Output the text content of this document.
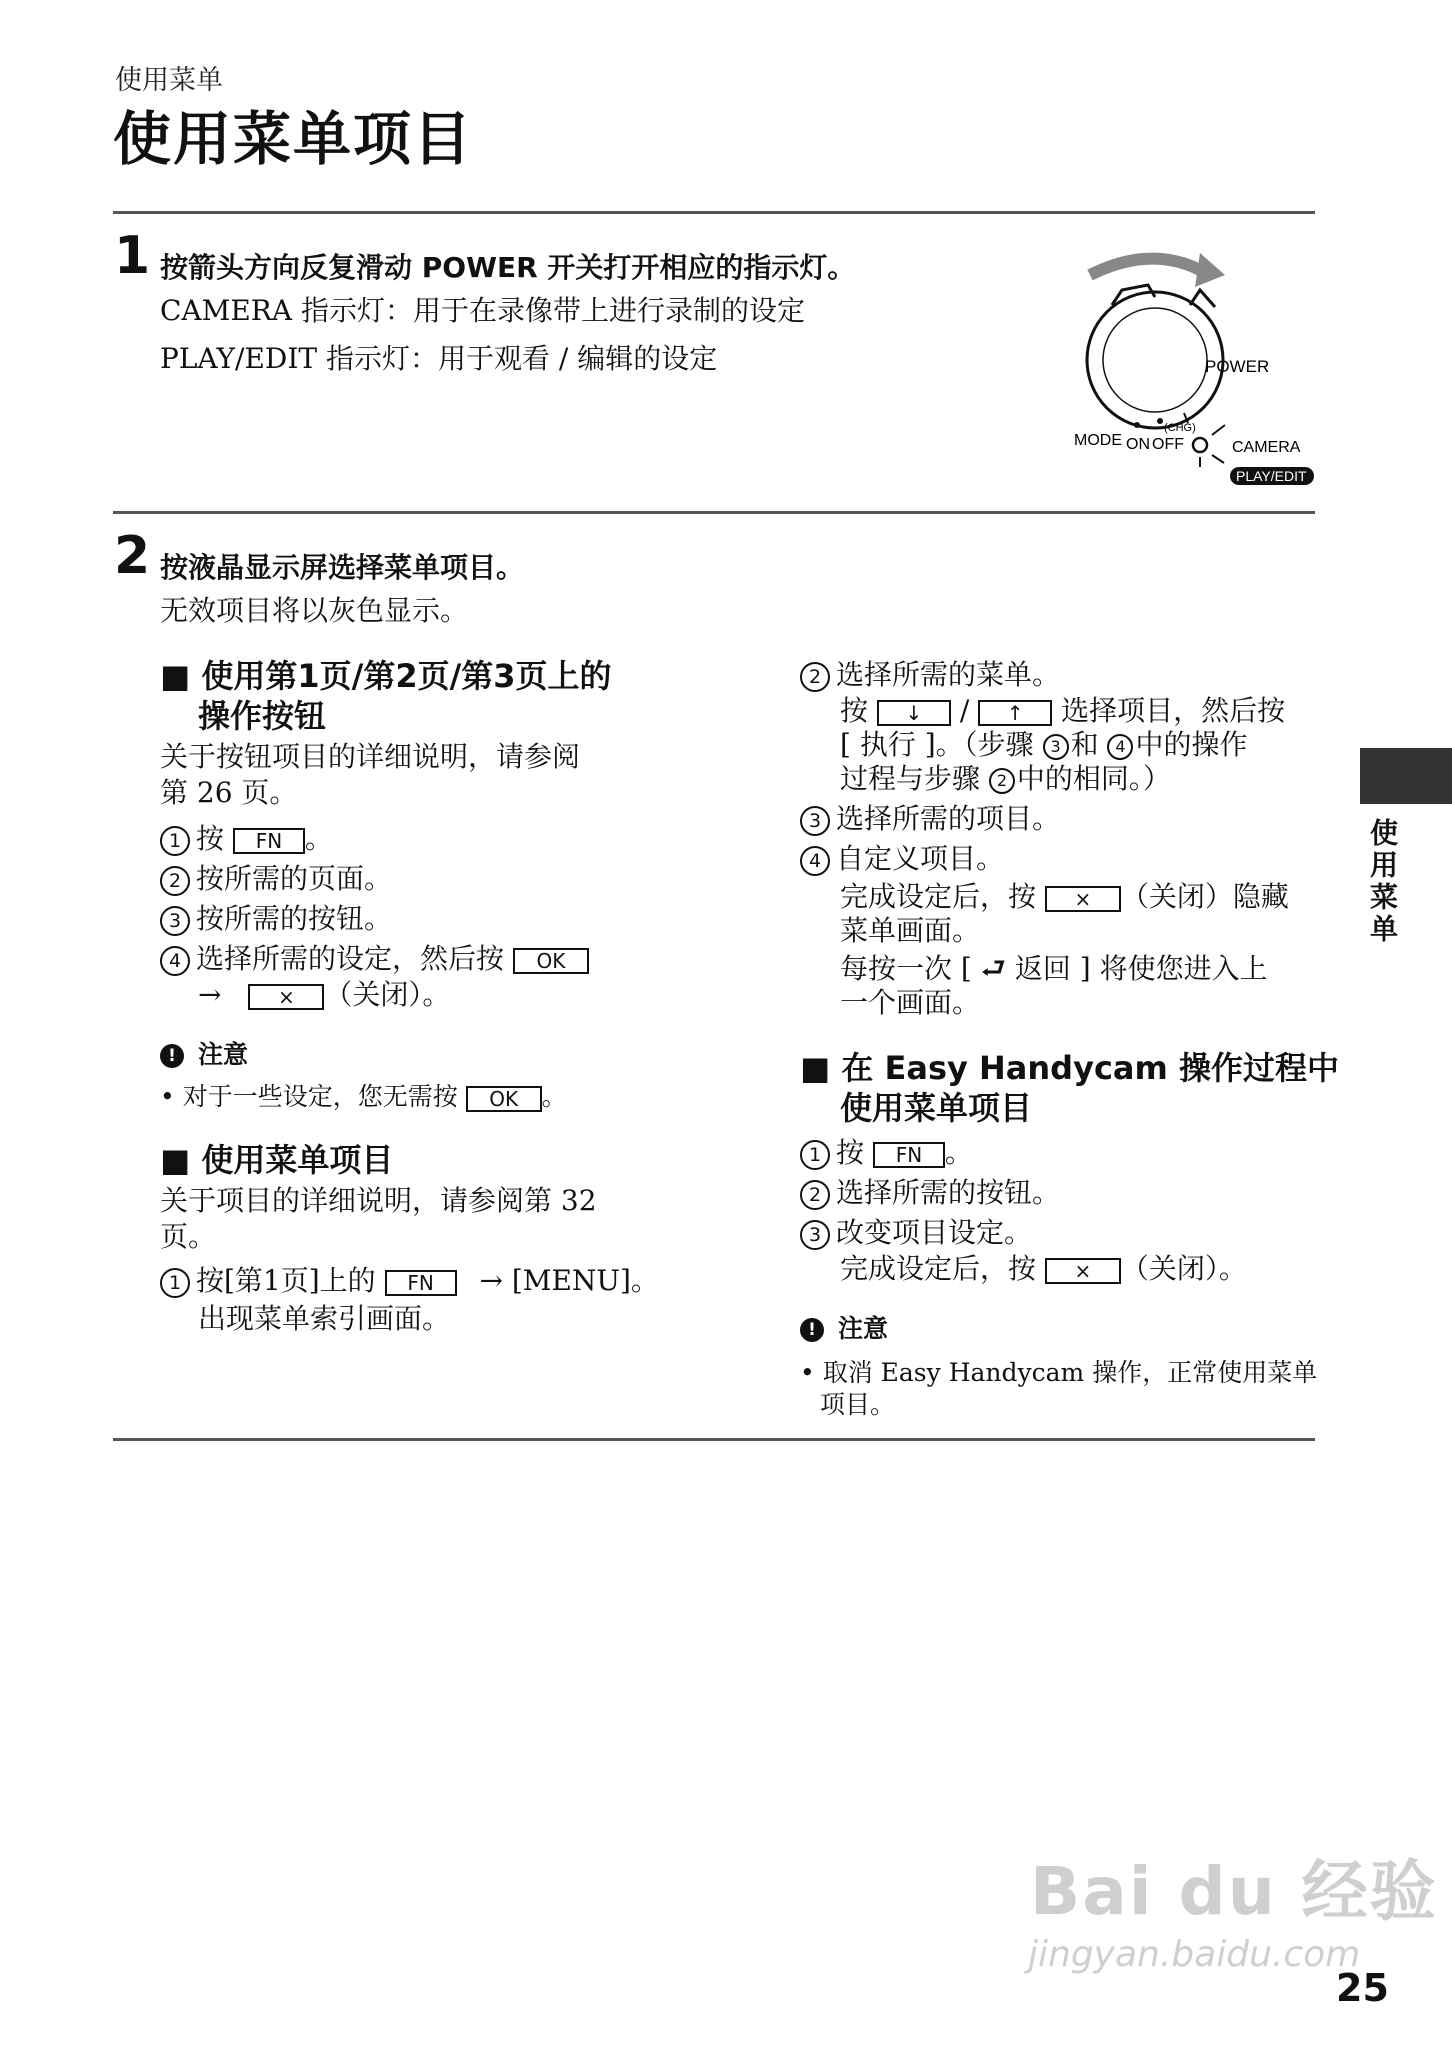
使用菜单
使用菜单项目
1 按箭头方向反复滑动 POWER 开关打开相应的指示灯。
CAMERA 指示灯：用于在录像带上进行录制的设定
PLAY/EDIT 指示灯：用于观看 / 编辑的设定	POWER
MODE ON OFF
(CHG)
CAMERA
PLAY/EDIT
2 按液晶显示屏选择菜单项目。
无效项目将以灰色显示。
■ 使用第1页/第2页/第3页上的
操作按钮
关于按钮项目的详细说明，请参阅
第 26 页。
1 按 FN 。
2 按所需的页面。
3 按所需的按钮。
4 选择所需的设定，然后按 OK
→	× （关闭）。
! 注意
• 对于一些设定，您无需按 OK 。
■ 使用菜单项目
关于项目的详细说明，请参阅第 32
页。
1 按[第1页]上的 FN → [MENU]。
出现菜单索引画面。
2 选择所需的菜单。
按 ↓ / ↑ 选择项目，然后按
[ 执行 ]。（步骤 3 和 4 中的操作
过程与步骤 2 中的相同。）
3 选择所需的项目。
4 自定义项目。
完成设定后，按 × （关闭）隐藏
菜单画面。
每按一次 [ ⮐ 返回 ] 将使您进入上
一个画面。
■ 在 Easy Handycam 操作过程中
使用菜单项目
1 按 FN 。
2 选择所需的按钮。
3 改变项目设定。
完成设定后，按 × （关闭）。
! 注意
• 取消 Easy Handycam 操作，正常使用菜单
项目。
使用菜单
Bai du 经验
jingyan.baidu.com
25
